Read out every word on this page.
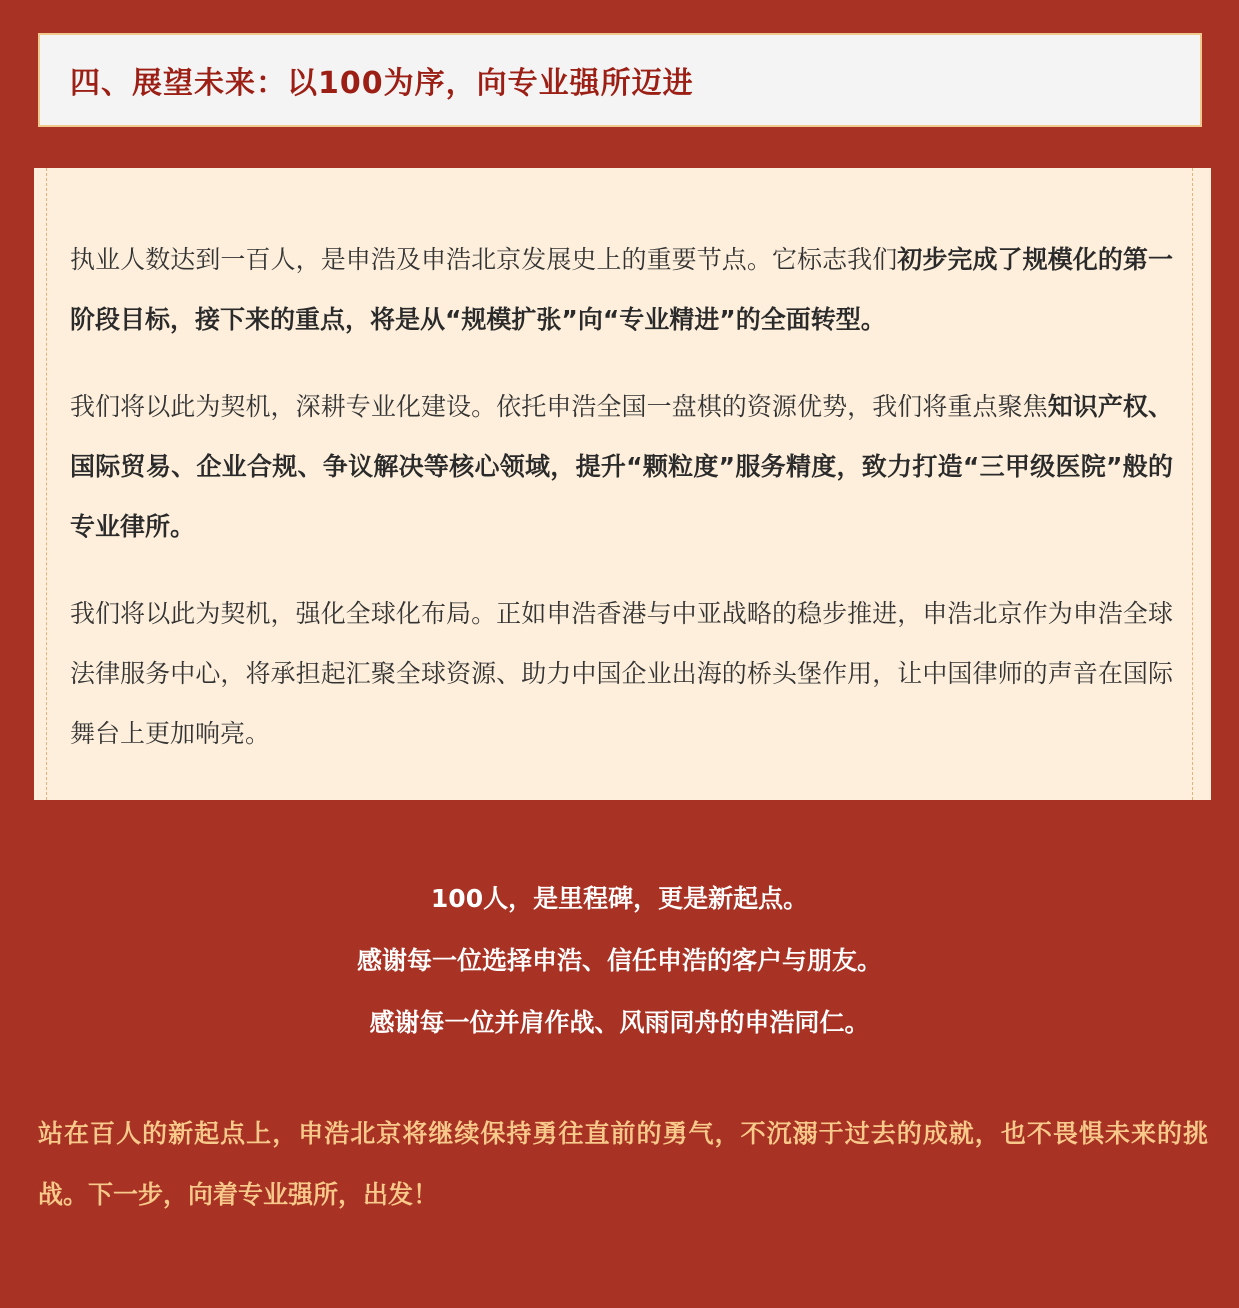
四、展望未来：以100为序，向专业强所迈进

执业人数达到一百人，是申浩及申浩北京发展史上的重要节点。它标志我们初步完成了规模化的第一阶段目标，接下来的重点，将是从“规模扩张”向“专业精进”的全面转型。

我们将以此为契机，深耕专业化建设。依托申浩全国一盘棋的资源优势，我们将重点聚焦知识产权、国际贸易、企业合规、争议解决等核心领域，提升“颗粒度”服务精度，致力打造“三甲级医院”般的专业律所。

我们将以此为契机，强化全球化布局。正如申浩香港与中亚战略的稳步推进，申浩北京作为申浩全球法律服务中心，将承担起汇聚全球资源、助力中国企业出海的桥头堡作用，让中国律师的声音在国际舞台上更加响亮。

100人，是里程碑，更是新起点。
感谢每一位选择申浩、信任申浩的客户与朋友。
感谢每一位并肩作战、风雨同舟的申浩同仁。

站在百人的新起点上，申浩北京将继续保持勇往直前的勇气，不沉溺于过去的成就，也不畏惧未来的挑战。下一步，向着专业强所，出发！
